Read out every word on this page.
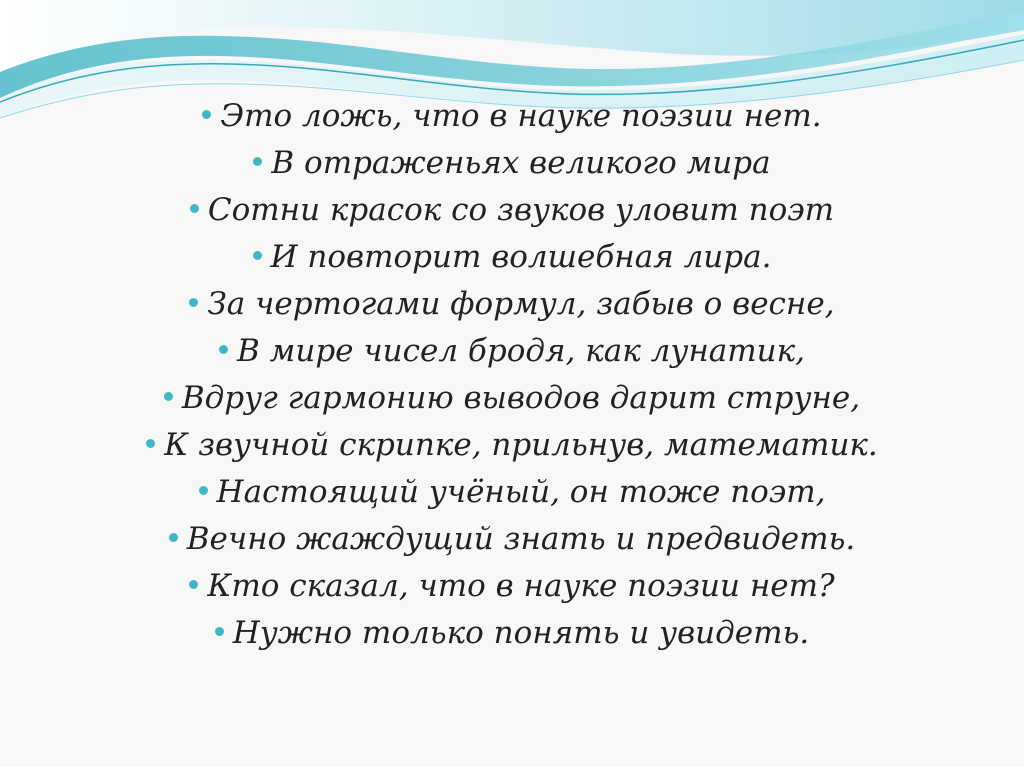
Это ложь, что в науке поэзии нет.
В отраженьях великого мира
Сотни красок со звуков уловит поэт
И повторит волшебная лира.
За чертогами формул, забыв о весне,
В мире чисел бродя, как лунатик,
Вдруг гармонию выводов дарит струне,
К звучной скрипке, прильнув, математик.
Настоящий учёный, он тоже поэт,
Вечно жаждущий знать и предвидеть.
Кто сказал, что в науке поэзии нет?
Нужно только понять и увидеть.
